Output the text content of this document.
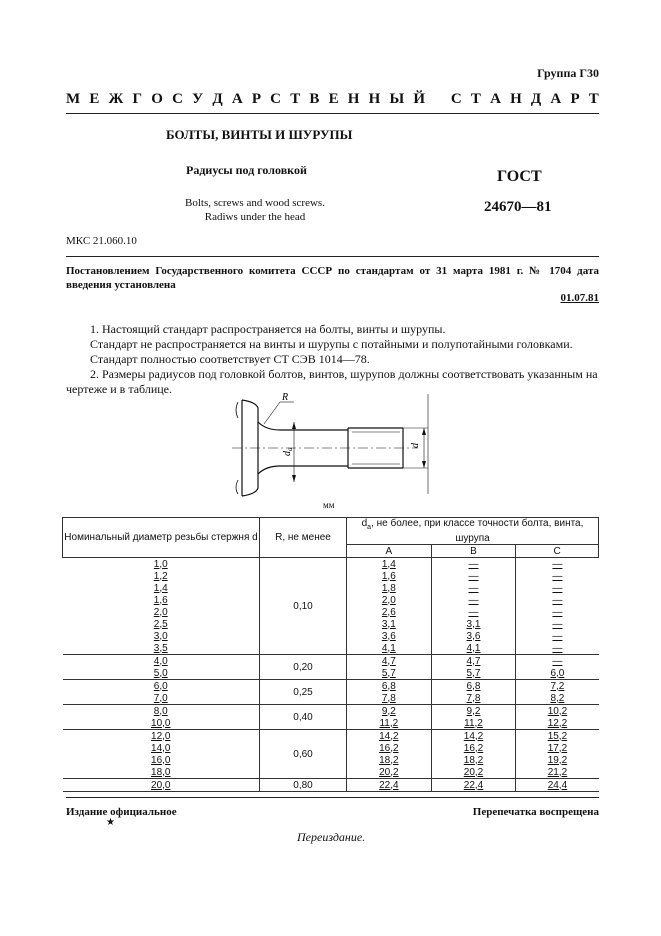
Группа Г30
М Е Ж Г О С У Д А Р С Т В Е Н Н Ы Й
С Т А Н Д А Р Т
БОЛТЫ, ВИНТЫ И ШУРУПЫ
Радиусы под головкой	ГОСТ
24670—81
Bolts, screws and wood screws.
Radiws under the head
МКС 21.060.10
Постановлением Государственного комитета СССР по стандартам от 31 марта 1981 г. № 1704 дата введения установлена
01.07.81
1. Настоящий стандарт распространяется на болты, винты и шурупы.
Стандарт не распространяется на винты и шурупы с потайными и полупотайными головками.
Стандарт полностью соответствует СТ СЭВ 1014—78.
2. Размеры радиусов под головкой болтов, винтов, шурупов должны соответствовать указанным на чертеже и в таблице.
R
d
$d_a$
мм
Номинальный диаметр резьбы стержня d	R, не менее	$d_a$, не более, при классе точности болта, винта, шурупа		
		A	B	C
1,0	0,10	1,4	—	—
1,2		1,6	—	—
1,4		1,8	—	—
1,6		2,0	—	—
2,0		2,6	—	—
2,5		3,1	3,1	—
3,0		3,6	3,6	—
3,5		4,1	4,1	—
4,0	0,20	4,7	4,7	—
5,0		5,7	5,7	6,0
6,0	0,25	6,8	6,8	7,2
7,0		7,8	7,8	8,2
8,0	0,40	9,2	9,2	10,2
10,0		11,2	11,2	12,2
12,0	0,60	14,2	14,2	15,2
14,0		16,2	16,2	17,2
16,0		18,2	18,2	19,2
18,0		20,2	20,2	21,2
20,0	0,80	22,4	22,4	24,4
Издание официальное
★
Перепечатка воспрещена
Переиздание.
